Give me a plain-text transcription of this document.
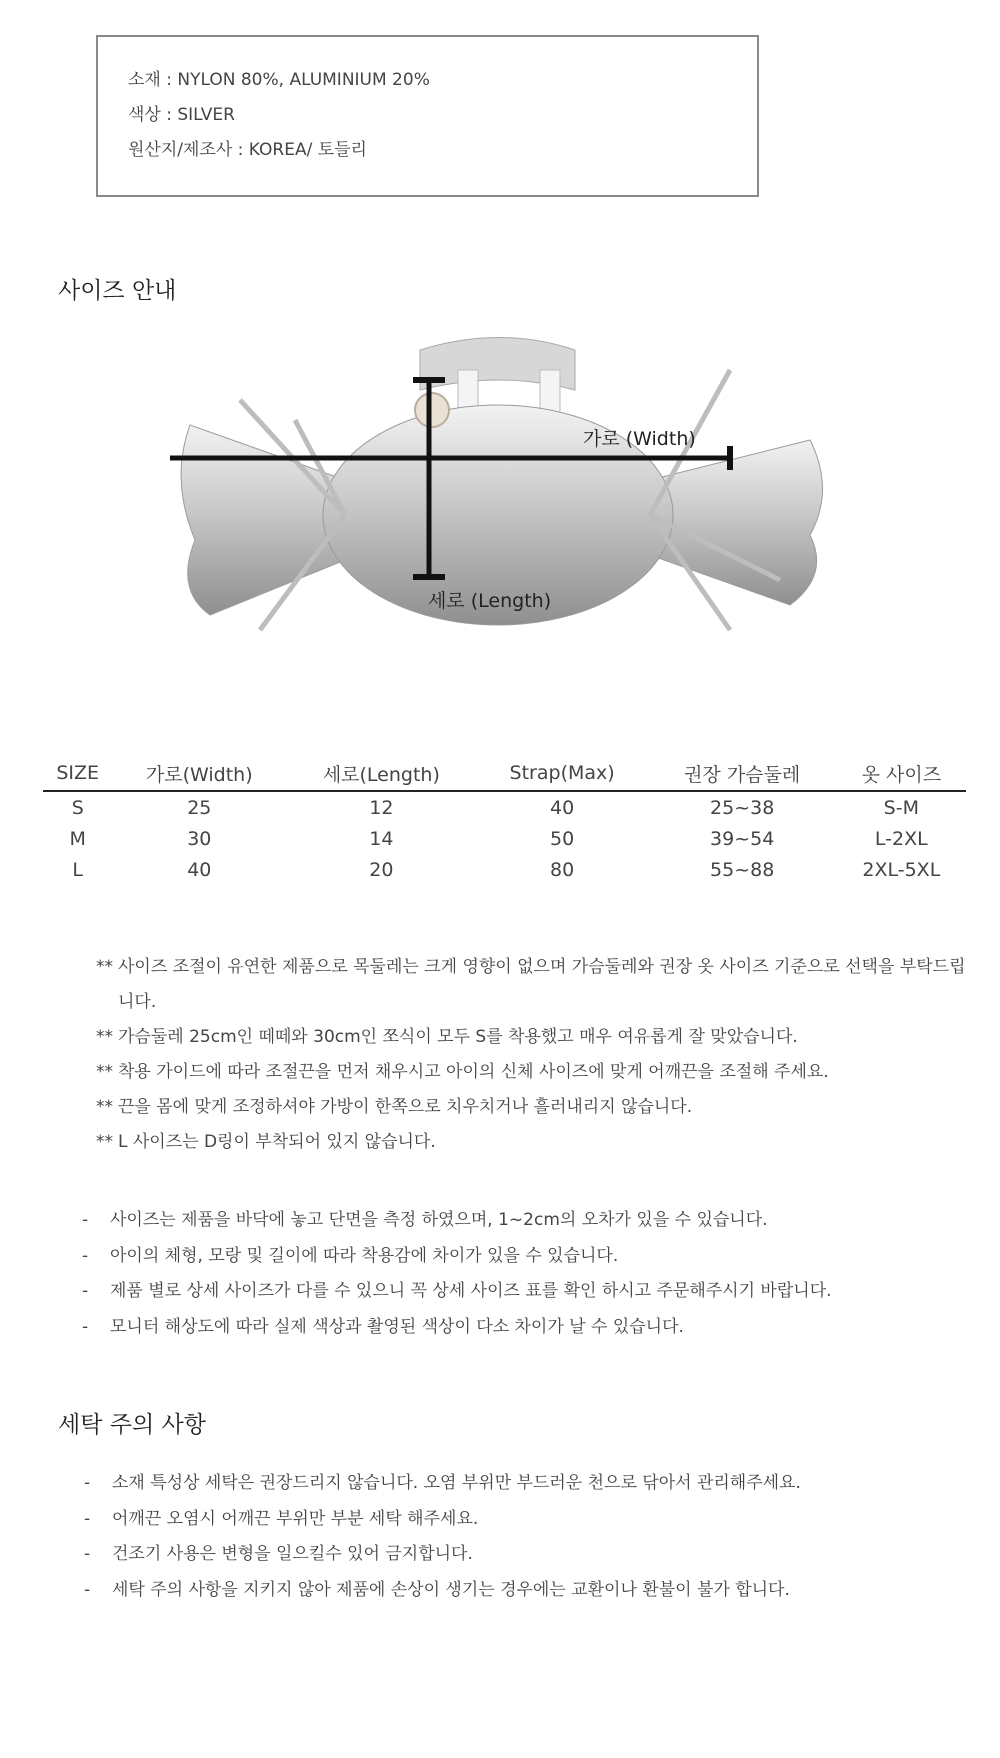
소재 : NYLON 80%, ALUMINIUM 20%
색상 : SILVER
원산지/제조사 : KOREA/ 토들리
사이즈 안내
가로 (Width)
세로 (Length)
SIZE	가로(Width)	세로(Length)	Strap(Max)	권장 가슴둘레	옷 사이즈
S	25	12	40	25~38	S-M
M	30	14	50	39~54	L-2XL
L	40	20	80	55~88	2XL-5XL
** 사이즈 조절이 유연한 제품으로 목둘레는 크게 영향이 없으며 가슴둘레와 권장 옷 사이즈 기준으로 선택을 부탁드립니다.
** 가슴둘레 25cm인 떼떼와 30cm인 쪼식이 모두 S를 착용했고 매우 여유롭게 잘 맞았습니다.
** 착용 가이드에 따라 조절끈을 먼저 채우시고 아이의 신체 사이즈에 맞게 어깨끈을 조절해 주세요.
** 끈을 몸에 맞게 조정하셔야 가방이 한쪽으로 치우치거나 흘러내리지 않습니다.
** L 사이즈는 D링이 부착되어 있지 않습니다.
- 사이즈는 제품을 바닥에 놓고 단면을 측정 하였으며, 1~2cm의 오차가 있을 수 있습니다.
- 아이의 체형, 모랑 및 길이에 따라 착용감에 차이가 있을 수 있습니다.
- 제품 별로 상세 사이즈가 다를 수 있으니 꼭 상세 사이즈 표를 확인 하시고 주문해주시기 바랍니다.
- 모니터 해상도에 따라 실제 색상과 촬영된 색상이 다소 차이가 날 수 있습니다.
세탁 주의 사항
- 소재 특성상 세탁은 권장드리지 않습니다. 오염 부위만 부드러운 천으로 닦아서 관리해주세요.
- 어깨끈 오염시 어깨끈 부위만 부분 세탁 해주세요.
- 건조기 사용은 변형을 일으킬수 있어 금지합니다.
- 세탁 주의 사항을 지키지 않아 제품에 손상이 생기는 경우에는 교환이나 환불이 불가 합니다.
